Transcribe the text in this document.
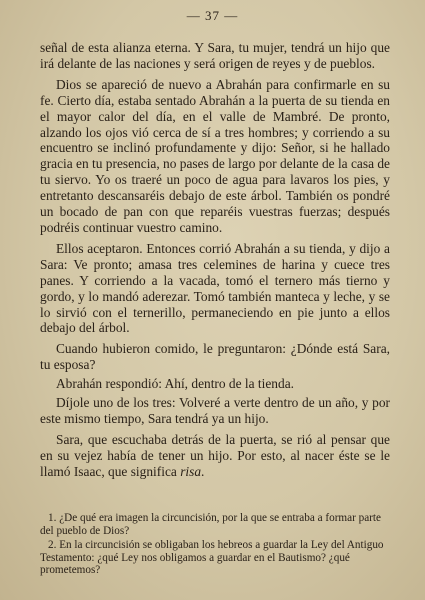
— 37 —

señal de esta alianza eterna. Y Sara, tu mujer, tendrá un hijo que irá delante de las naciones y será origen de reyes y de pueblos.

Dios se apareció de nuevo a Abrahán para confirmarle en su fe. Cierto día, estaba sentado Abrahán a la puerta de su tienda en el mayor calor del día, en el valle de Mambré. De pronto, alzando los ojos vió cerca de sí a tres hombres; y corriendo a su encuentro se inclinó profundamente y dijo: Señor, si he hallado gracia en tu presencia, no pases de largo por delante de la casa de tu siervo. Yo os traeré un poco de agua para lavaros los pies, y entretanto descansaréis debajo de este árbol. También os pondré un bocado de pan con que reparéis vuestras fuerzas; después podréis continuar vuestro camino.

Ellos aceptaron. Entonces corrió Abrahán a su tienda, y dijo a Sara: Ve pronto; amasa tres celemines de harina y cuece tres panes. Y corriendo a la vacada, tomó el ternero más tierno y gordo, y lo mandó aderezar. Tomó también manteca y leche, y se lo sirvió con el ternerillo, permaneciendo en pie junto a ellos debajo del árbol.

Cuando hubieron comido, le preguntaron: ¿Dónde está Sara, tu esposa?

Abrahán respondió: Ahí, dentro de la tienda.

Díjole uno de los tres: Volveré a verte dentro de un año, y por este mismo tiempo, Sara tendrá ya un hijo.

Sara, que escuchaba detrás de la puerta, se rió al pensar que en su vejez había de tener un hijo. Por esto, al nacer éste se le llamó Isaac, que significa risa.

1. ¿De qué era imagen la circuncisión, por la que se entraba a formar parte del pueblo de Dios?

2. En la circuncisión se obligaban los hebreos a guardar la Ley del Antiguo Testamento: ¿qué Ley nos obligamos a guardar en el Bautismo? ¿qué prometemos?
